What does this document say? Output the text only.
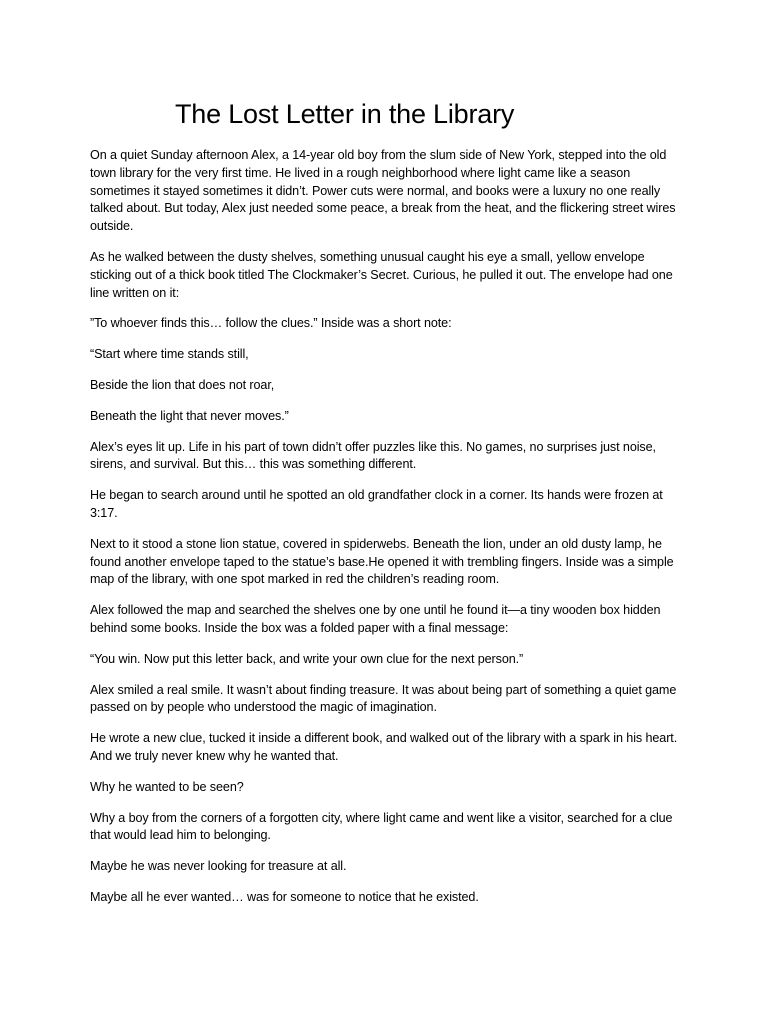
The Lost Letter in the Library

On a quiet Sunday afternoon Alex, a 14-year old boy from the slum side of New York, stepped into the old town library for the very first time. He lived in a rough neighborhood where light came like a season sometimes it stayed sometimes it didn’t. Power cuts were normal, and books were a luxury no one really talked about. But today, Alex just needed some peace, a break from the heat, and the flickering street wires outside.

As he walked between the dusty shelves, something unusual caught his eye a small, yellow envelope sticking out of a thick book titled The Clockmaker’s Secret. Curious, he pulled it out. The envelope had one line written on it:

”To whoever finds this… follow the clues.” Inside was a short note:

“Start where time stands still,

Beside the lion that does not roar,

Beneath the light that never moves.”

Alex’s eyes lit up. Life in his part of town didn’t offer puzzles like this. No games, no surprises just noise, sirens, and survival. But this… this was something different.

He began to search around until he spotted an old grandfather clock in a corner. Its hands were frozen at 3:17.

Next to it stood a stone lion statue, covered in spiderwebs. Beneath the lion, under an old dusty lamp, he found another envelope taped to the statue’s base.He opened it with trembling fingers. Inside was a simple map of the library, with one spot marked in red the children’s reading room.

Alex followed the map and searched the shelves one by one until he found it—a tiny wooden box hidden behind some books. Inside the box was a folded paper with a final message:

“You win. Now put this letter back, and write your own clue for the next person.”

Alex smiled a real smile. It wasn’t about finding treasure. It was about being part of something a quiet game passed on by people who understood the magic of imagination.

He wrote a new clue, tucked it inside a different book, and walked out of the library with a spark in his heart. And we truly never knew why he wanted that.

Why he wanted to be seen?

Why a boy from the corners of a forgotten city, where light came and went like a visitor, searched for a clue that would lead him to belonging.

Maybe he was never looking for treasure at all.

Maybe all he ever wanted… was for someone to notice that he existed.
